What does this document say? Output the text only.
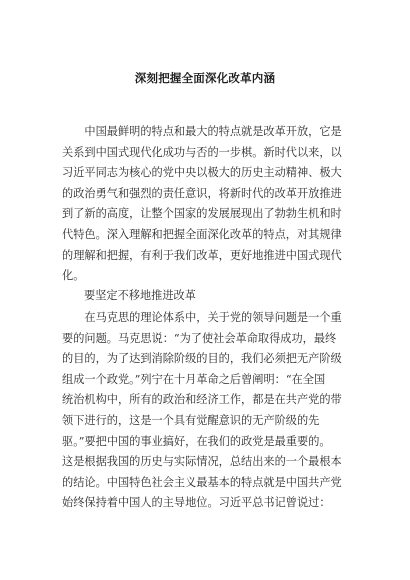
深刻把握全面深化改革内涵
　　中国最鲜明的特点和最大的特点就是改革开放，它是
关系到中国式现代化成功与否的一步棋。新时代以来，以
习近平同志为核心的党中央以极大的历史主动精神、极大
的政治勇气和强烈的责任意识，将新时代的改革开放推进
到了新的高度，让整个国家的发展展现出了勃勃生机和时
代特色。深入理解和把握全面深化改革的特点，对其规律
的理解和把握，有利于我们改革，更好地推进中国式现代
化。
要坚定不移地推进改革
　　在马克思的理论体系中，关于党的领导问题是一个重
要的问题。马克思说：“为了使社会革命取得成功，最终
的目的，为了达到消除阶级的目的，我们必须把无产阶级
组成一个政党。”列宁在十月革命之后曾阐明：“在全国
统治机构中，所有的政治和经济工作，都是在共产党的带
领下进行的，这是一个具有觉醒意识的无产阶级的先
驱。”要把中国的事业搞好，在我们的政党是最重要的。
这是根据我国的历史与实际情况，总结出来的一个最根本
的结论。中国特色社会主义最基本的特点就是中国共产党
始终保持着中国人的主导地位。习近平总书记曾说过：
